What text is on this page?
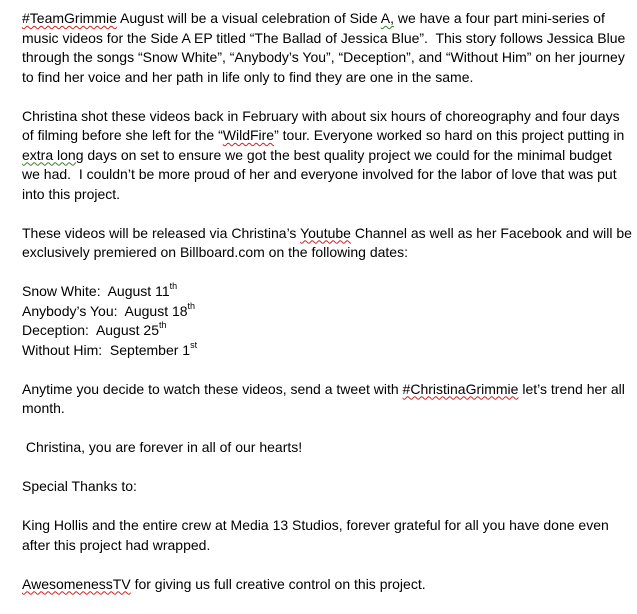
#TeamGrimmie August will be a visual celebration of Side A, we have a four part mini-series of music videos for the Side A EP titled “The Ballad of Jessica Blue”.  This story follows Jessica Blue through the songs “Snow White”, “Anybody’s You”, “Deception”, and “Without Him” on her journey to find her voice and her path in life only to find they are one in the same.

Christina shot these videos back in February with about six hours of choreography and four days of filming before she left for the “WildFire” tour. Everyone worked so hard on this project putting in extra long days on set to ensure we got the best quality project we could for the minimal budget we had.  I couldn’t be more proud of her and everyone involved for the labor of love that was put into this project.

These videos will be released via Christina’s Youtube Channel as well as her Facebook and will be exclusively premiered on Billboard.com on the following dates:

Snow White:  August 11th

Anybody’s You:  August 18th

Deception:  August 25th

Without Him:  September 1st

Anytime you decide to watch these videos, send a tweet with #ChristinaGrimmie let’s trend her all month.

Christina, you are forever in all of our hearts!

Special Thanks to:

King Hollis and the entire crew at Media 13 Studios, forever grateful for all you have done even after this project had wrapped.

AwesomenessTV for giving us full creative control on this project.
